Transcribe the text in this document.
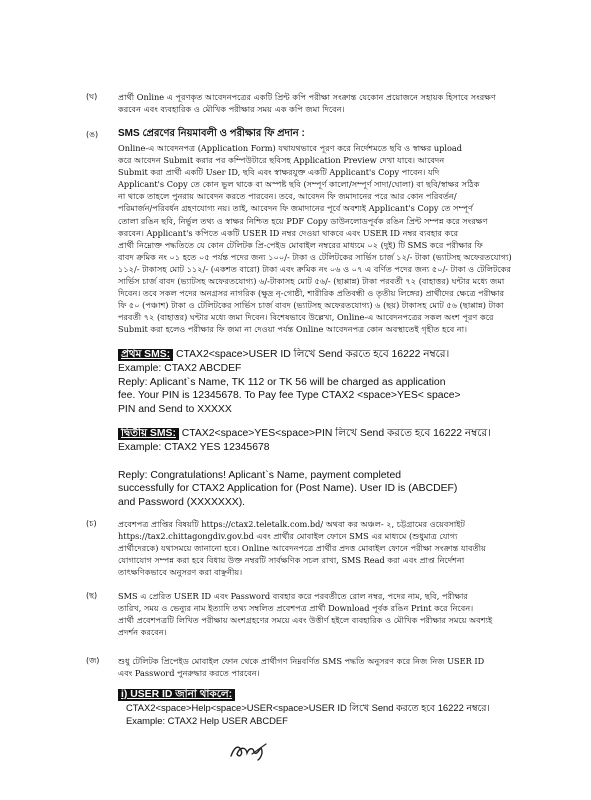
(ঘ)	প্রার্থী Online এ পূরণকৃত আবেদনপত্রের একটি প্রিন্ট কপি পরীক্ষা সংক্রান্ত যেকোন প্রয়োজনে সহায়ক হিসাবে সংরক্ষণ
করবেন এবং ব্যবহারিক ও মৌখিক পরীক্ষার সময় এক কপি জমা দিবেন।
(ঙ) SMS প্রেরণের নিয়মাবলী ও পরীক্ষার ফি প্রদান :
Online-এ আবেদনপত্র (Application Form) যথাযথভাবে পূরণ করে নির্দেশমতে ছবি ও স্বাক্ষর upload
করে আবেদন Submit করার পর কম্পিউটারে ছবিসহ Application Preview দেখা যাবে। আবেদন
Submit করা প্রার্থী একটি User ID, ছবি এবং স্বাক্ষরযুক্ত একটি Applicant's Copy পাবেন। যদি
Applicant's Copy তে কোন ভুল থাকে বা অস্পষ্ট ছবি (সম্পূর্ণ কালো/সম্পূর্ণ সাদা/ঘোলা) বা ছবি/স্বাক্ষর সঠিক
না থাকে তাহলে পুনরায় আবেদন করতে পারবেন। তবে, আবেদন ফি জমাদানের পরে আর কোন পরিবর্তন/
পরিমার্জন/পরিবর্ধন গ্রহণযোগ্য নয়। তাই, আবেদন ফি জমাদানের পূর্বে অবশ্যই Applicant's Copy তে সম্পূর্ণ
তোলা রঙিন ছবি, নির্ভুল তথ্য ও স্বাক্ষর নিশ্চিত হয়ে PDF Copy ডাউনলোডপূর্বক রঙিন প্রিন্ট সম্পন্ন করে সংরক্ষণ
করবেন। Applicant's কপিতে একটি USER ID নম্বর দেওয়া থাকবে এবং USER ID নম্বর ব্যবহার করে
প্রার্থী নিম্নোক্ত পদ্ধতিতে যে কোন টেলিটক প্রি-পেইড মোবাইল নম্বরের মাধ্যমে ০২ (দুই) টি SMS করে পরীক্ষার ফি
বাবদ ক্রমিক নং ০১ হতে ০৫ পর্যন্ত পদের জন্য ১০০/- টাকা ও টেলিটকের সার্ভিস চার্জ ১২/- টাকা (ভ্যাটসহ অফেরতযোগ্য)
১১২/- টাকাসহ মোট ১১২/- (একশত বারো) টাকা এবং ক্রমিক নং ০৬ ও ০৭ এ বর্ণিত পদের জন্য ৫০/- টাকা ও টেলিটকের
সার্ভিস চার্জ বাবদ (ভ্যাটসহ অফেরতযোগ্য) ৬/-টাকাসহ মোট ৫৬/- (ছাপ্পান্ন) টাকা পরবর্তী ৭২ (বাহাত্তর) ঘন্টার মধ্যে জমা
দিবেন। তবে সকল পদের অনগ্রসর নাগরিক (ক্ষুদ্র নৃ-গোষ্ঠী, শারীরিক প্রতিবন্ধী ও তৃতীয় লিঙ্গের) প্রার্থীদের ক্ষেত্রে পরীক্ষার
ফি ৫০ (পঞ্চাশ) টাকা ও টেলিটকের সার্ভিস চার্জ বাবদ (ভ্যাটসহ অফেরতযোগ্য) ৬ (ছয়) টাকাসহ মোট ৫৬ (ছাপ্পান্ন) টাকা
পরবর্তী ৭২ (বাহাত্তর) ঘন্টার মধ্যে জমা দিবেন। বিশেষভাবে উল্লেখ্য, Online-এ আবেদনপত্রের সকল অংশ পূরণ করে
Submit করা হলেও পরীক্ষার ফি জমা না দেওয়া পর্যন্ত Online আবেদনপত্র কোন অবস্থাতেই গৃহীত হবে না।
প্রথম SMS: CTAX2<space>USER ID লিখে Send করতে হবে 16222 নম্বরে।
Example: CTAX2 ABCDEF
Reply: Aplicant`s Name, TK 112 or TK 56 will be charged as application
fee. Your PIN is 12345678. To Pay fee Type CTAX2 <space>YES< space>
PIN and Send to XXXXX
দ্বিতীয় SMS: CTAX2<space>YES<space>PIN লিখে Send করতে হবে 16222 নম্বরে।
Example: CTAX2 YES 12345678
Reply: Congratulations! Aplicant`s Name, payment completed
successfully for CTAX2 Application for (Post Name). User ID is (ABCDEF)
and Password (XXXXXXX).
(চ)	প্রবেশপত্র প্রাপ্তির বিষয়টি https://ctax2.teletalk.com.bd/ অথবা কর অঞ্চল- ২, চট্টগ্রামের ওয়েবসাইট
https://tax2.chittagongdiv.gov.bd এবং প্রার্থীর মোবাইল ফোনে SMS এর মাধ্যমে (শুধুমাত্র যোগ্য
প্রার্থীদেরকে) যথাসময়ে জানানো হবে। Online আবেদনপত্রে প্রার্থীর প্রদত্ত মোবাইল ফোনে পরীক্ষা সংক্রান্ত যাবতীয়
যোগাযোগ সম্পন্ন করা হবে বিধায় উক্ত নম্বরটি সার্বক্ষণিক সচল রাখা, SMS Read করা এবং প্রাপ্ত নির্দেশনা
তাৎক্ষণিকভাবে অনুসরণ করা বাঞ্ছনীয়।
(ছ)	SMS এ প্রেরিত USER ID এবং Password ব্যবহার করে পরবর্তীতে রোল নম্বর, পদের নাম, ছবি, পরীক্ষার
তারিখ, সময় ও ভেন্যুর নাম ইত্যাদি তথ্য সম্বলিত প্রবেশপত্র প্রার্থী Download পূর্বক রঙিন Print করে নিবেন।
প্রার্থী প্রবেশপত্রটি লিখিত পরীক্ষায় অংশগ্রহণের সময়ে এবং উত্তীর্ণ হইলে ব্যবহারিক ও মৌখিক পরীক্ষার সময়ে অবশ্যই
প্রদর্শন করবেন।
(জ) শুধু টেলিটক প্রিপেইড মোবাইল ফোন থেকে প্রার্থীগণ নিম্নবর্ণিত SMS পদ্ধতি অনুসরণ করে নিজ নিজ USER ID
এবং Password পুনরুদ্ধার করতে পারবেন।
i) USER ID জানা থাকলে:
CTAX2<space>Help<space>USER<space>USER ID লিখে Send করতে হবে 16222 নম্বরে।
Example: CTAX2 Help USER ABCDEF
